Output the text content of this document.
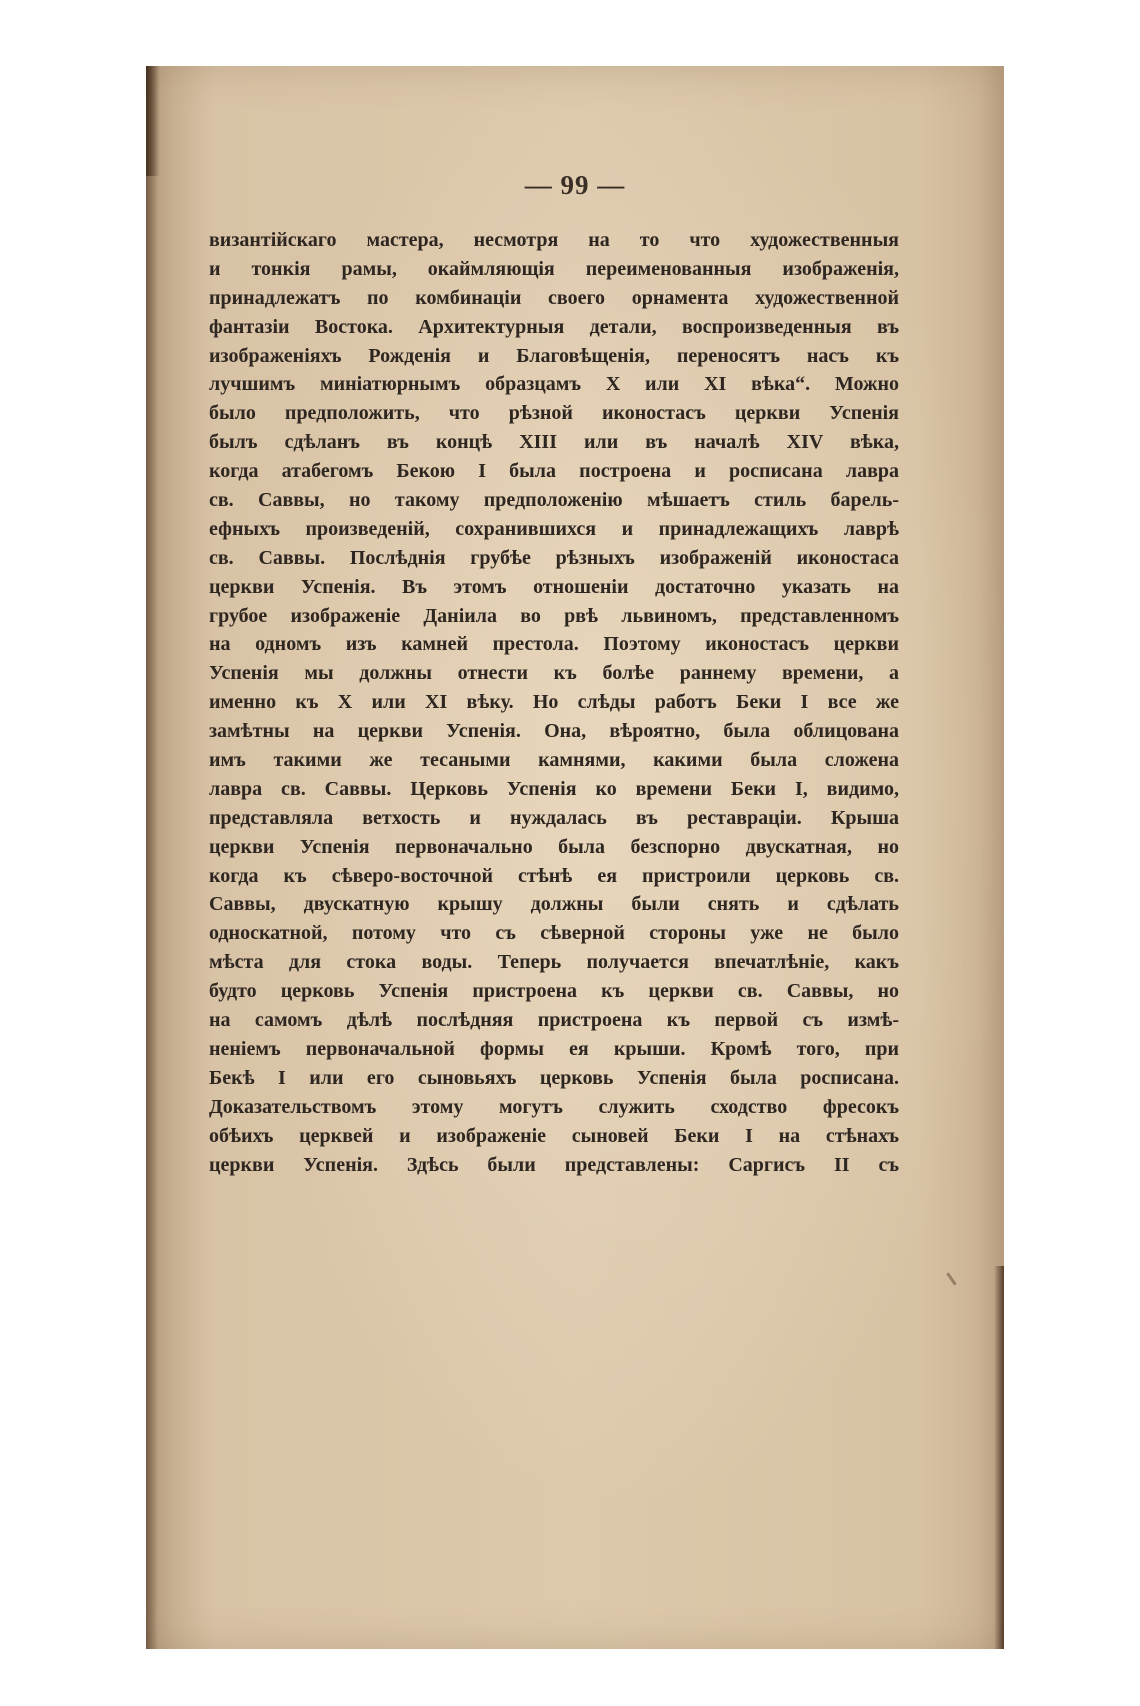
— 99 —
византійскаго мастера, несмотря на то что художественныя
и тонкія рамы, окаймляющія переименованныя изображенія,
принадлежатъ по комбинаціи своего орнамента художественной
фантазіи Востока. Архитектурныя детали, воспроизведенныя въ
изображеніяхъ Рожденія и Благовѣщенія, переносятъ насъ къ
лучшимъ миніатюрнымъ образцамъ X или XI вѣка“. Можно
было предположить, что рѣзной иконостасъ церкви Успенія
былъ сдѣланъ въ концѣ XIII или въ началѣ XIV вѣка,
когда атабегомъ Бекою I была построена и росписана лавра
св. Саввы, но такому предположенію мѣшаетъ стиль барель-
ефныхъ произведеній, сохранившихся и принадлежащихъ лаврѣ
св. Саввы. Послѣднія грубѣе рѣзныхъ изображеній иконостаса
церкви Успенія. Въ этомъ отношеніи достаточно указать на
грубое изображеніе Даніила во рвѣ львиномъ, представленномъ
на одномъ изъ камней престола. Поэтому иконостасъ церкви
Успенія мы должны отнести къ болѣе раннему времени, а
именно къ X или XI вѣку. Но слѣды работъ Беки I все же
замѣтны на церкви Успенія. Она, вѣроятно, была облицована
имъ такими же тесаными камнями, какими была сложена
лавра св. Саввы. Церковь Успенія ко времени Беки I, видимо,
представляла ветхость и нуждалась въ реставраціи. Крыша
церкви Успенія первоначально была безспорно двускатная, но
когда къ сѣверо-восточной стѣнѣ ея пристроили церковь св.
Саввы, двускатную крышу должны были снять и сдѣлать
односкатной, потому что съ сѣверной стороны уже не было
мѣста для стока воды. Теперь получается впечатлѣніе, какъ
будто церковь Успенія пристроена къ церкви св. Саввы, но
на самомъ дѣлѣ послѣдняя пристроена къ первой съ измѣ-
неніемъ первоначальной формы ея крыши. Кромѣ того, при
Бекѣ I или его сыновьяхъ церковь Успенія была росписана.
Доказательствомъ этому могутъ служить сходство фресокъ
обѣихъ церквей и изображеніе сыновей Беки I на стѣнахъ
церкви Успенія. Здѣсь были представлены: Саргисъ II съ
